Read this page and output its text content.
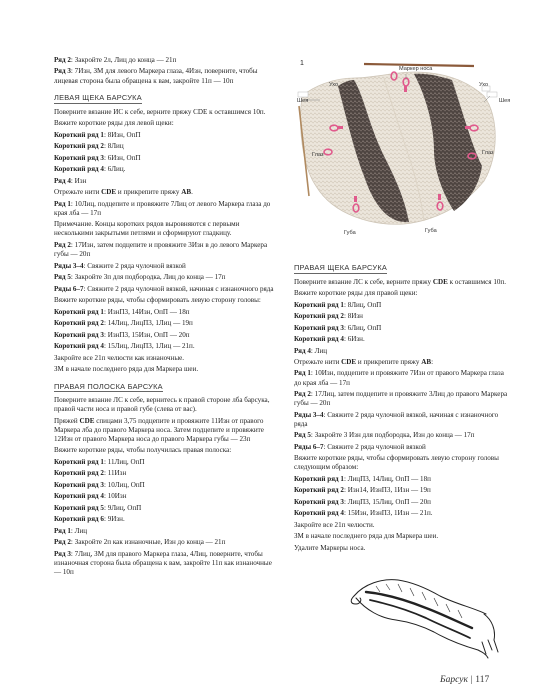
Ряд 2: Закройте 2л, Лиц до конца — 21п

Ряд 3: 7Изн, ЗМ для левого Маркера глаза, 4Изн, поверните, чтобы лицевая сторона была обращена к вам, закройте 11п — 10п

ЛЕВАЯ ЩЕКА БАРСУКА

Поверните вязание ИС к себе, верните пряжу CDE к оставшимся 10п.

Вяжите короткие ряды для левой щеки:

Короткий ряд 1: 8Изн, ОпП

Короткий ряд 2: 8Лиц

Короткий ряд 3: 6Изн, ОпП

Короткий ряд 4: 6Лиц.

Ряд 4: Изн

Отрежьте нити CDE и прикрепите пряжу AB.

Ряд 1: 10Лиц, подцепите и провяжите 7Лиц от левого Маркера глаза до края лба — 17п

Примечание. Концы коротких рядов выровняются с первыми несколькими закрытыми петлями и сформируют гладкицу.

Ряд 2: 17Изн, затем подцепите и провяжите 3Изн в до левого Маркера губы — 20п

Ряды 3–4: Свяжите 2 ряда чулочной вязкой

Ряд 5: Закройте 3п для подбородка, Лиц до конца — 17п

Ряды 6–7: Свяжите 2 ряда чулочной вязкой, начиная с изнаночного ряда

Вяжите короткие ряды, чтобы сформировать левую сторону головы:

Короткий ряд 1: ИзнП3, 14Изн, ОпП — 18п

Короткий ряд 2: 14Лиц, ЛицП3, 1Лиц — 19п

Короткий ряд 3: ИзнП3, 15Изн, ОпП — 20п

Короткий ряд 4: 15Лиц, ЛицП3, 1Лиц — 21п.

Закройте все 21п челюсти как изнаночные.

ЗМ в начале последнего ряда для Маркера шеи.

ПРАВАЯ ПОЛОСКА БАРСУКА

Поверните вязание ЛС к себе, вернитесь к правой стороне лба барсука, правой части носа и правой губе (слева от вас).

Пряжей CDE спицами 3,75 подцепите и провяжите 11Изн от правого Маркера лба до правого Маркера носа. Затем подцепите и провяжите 12Изн от правого Маркера носа до правого Маркера губы — 23п

Вяжите короткие ряды, чтобы получилась правая полоска:

Короткий ряд 1: 11Лиц, ОпП

Короткий ряд 2: 11Изн

Короткий ряд 3: 10Лиц, ОпП

Короткий ряд 4: 10Изн

Короткий ряд 5: 9Лиц, ОпП

Короткий ряд 6: 9Изн.

Ряд 1: Лиц

Ряд 2: Закройте 2п как изнаночные, Изн до конца — 21п

Ряд 3: 7Лиц, ЗМ для правого Маркера глаза, 4Лиц, поверните, чтобы изнаночная сторона была обращена к вам, закройте 11п как изнаночные — 10п

1
Маркер носа
Ухо	Ухо
Шея	Шея
Глаз	Глаз
Губа	Губа
ПРАВАЯ ЩЕКА БАРСУКА

Поверните вязание ЛС к себе, верните пряжу CDE к оставшимся 10п.

Вяжите короткие ряды для правой щеки:

Короткий ряд 1: 8Лиц, ОпП

Короткий ряд 2: 8Изн

Короткий ряд 3: 6Лиц, ОпП

Короткий ряд 4: 6Изн.

Ряд 4: Лиц

Отрежьте нити CDE и прикрепите пряжу AB:

Ряд 1: 10Изн, подцепите и провяжите 7Изн от правого Маркера глаза до края лба — 17п

Ряд 2: 17Лиц, затем подцепите и провяжите 3Лиц до правого Маркера губы — 20п

Ряды 3–4: Свяжите 2 ряда чулочной вязкой, начиная с изнаночного ряда

Ряд 5: Закройте 3 Изн для подбородка, Изн до конца — 17п

Ряды 6–7: Свяжите 2 ряда чулочной вязкой

Вяжите короткие ряды, чтобы сформировать левую сторону головы следующим образом:

Короткий ряд 1: ЛицП3, 14Лиц, ОпП — 18п

Короткий ряд 2: Изн14, ИзнП3, 1Изн — 19п

Короткий ряд 3: ЛицП3, 15Лиц, ОпП — 20п

Короткий ряд 4: 15Изн, ИзнП3, 1Изн — 21п.

Закройте все 21п челюсти.

ЗМ в начале последнего ряда для Маркера шеи.

Удалите Маркеры носа.

Барсук | 117
